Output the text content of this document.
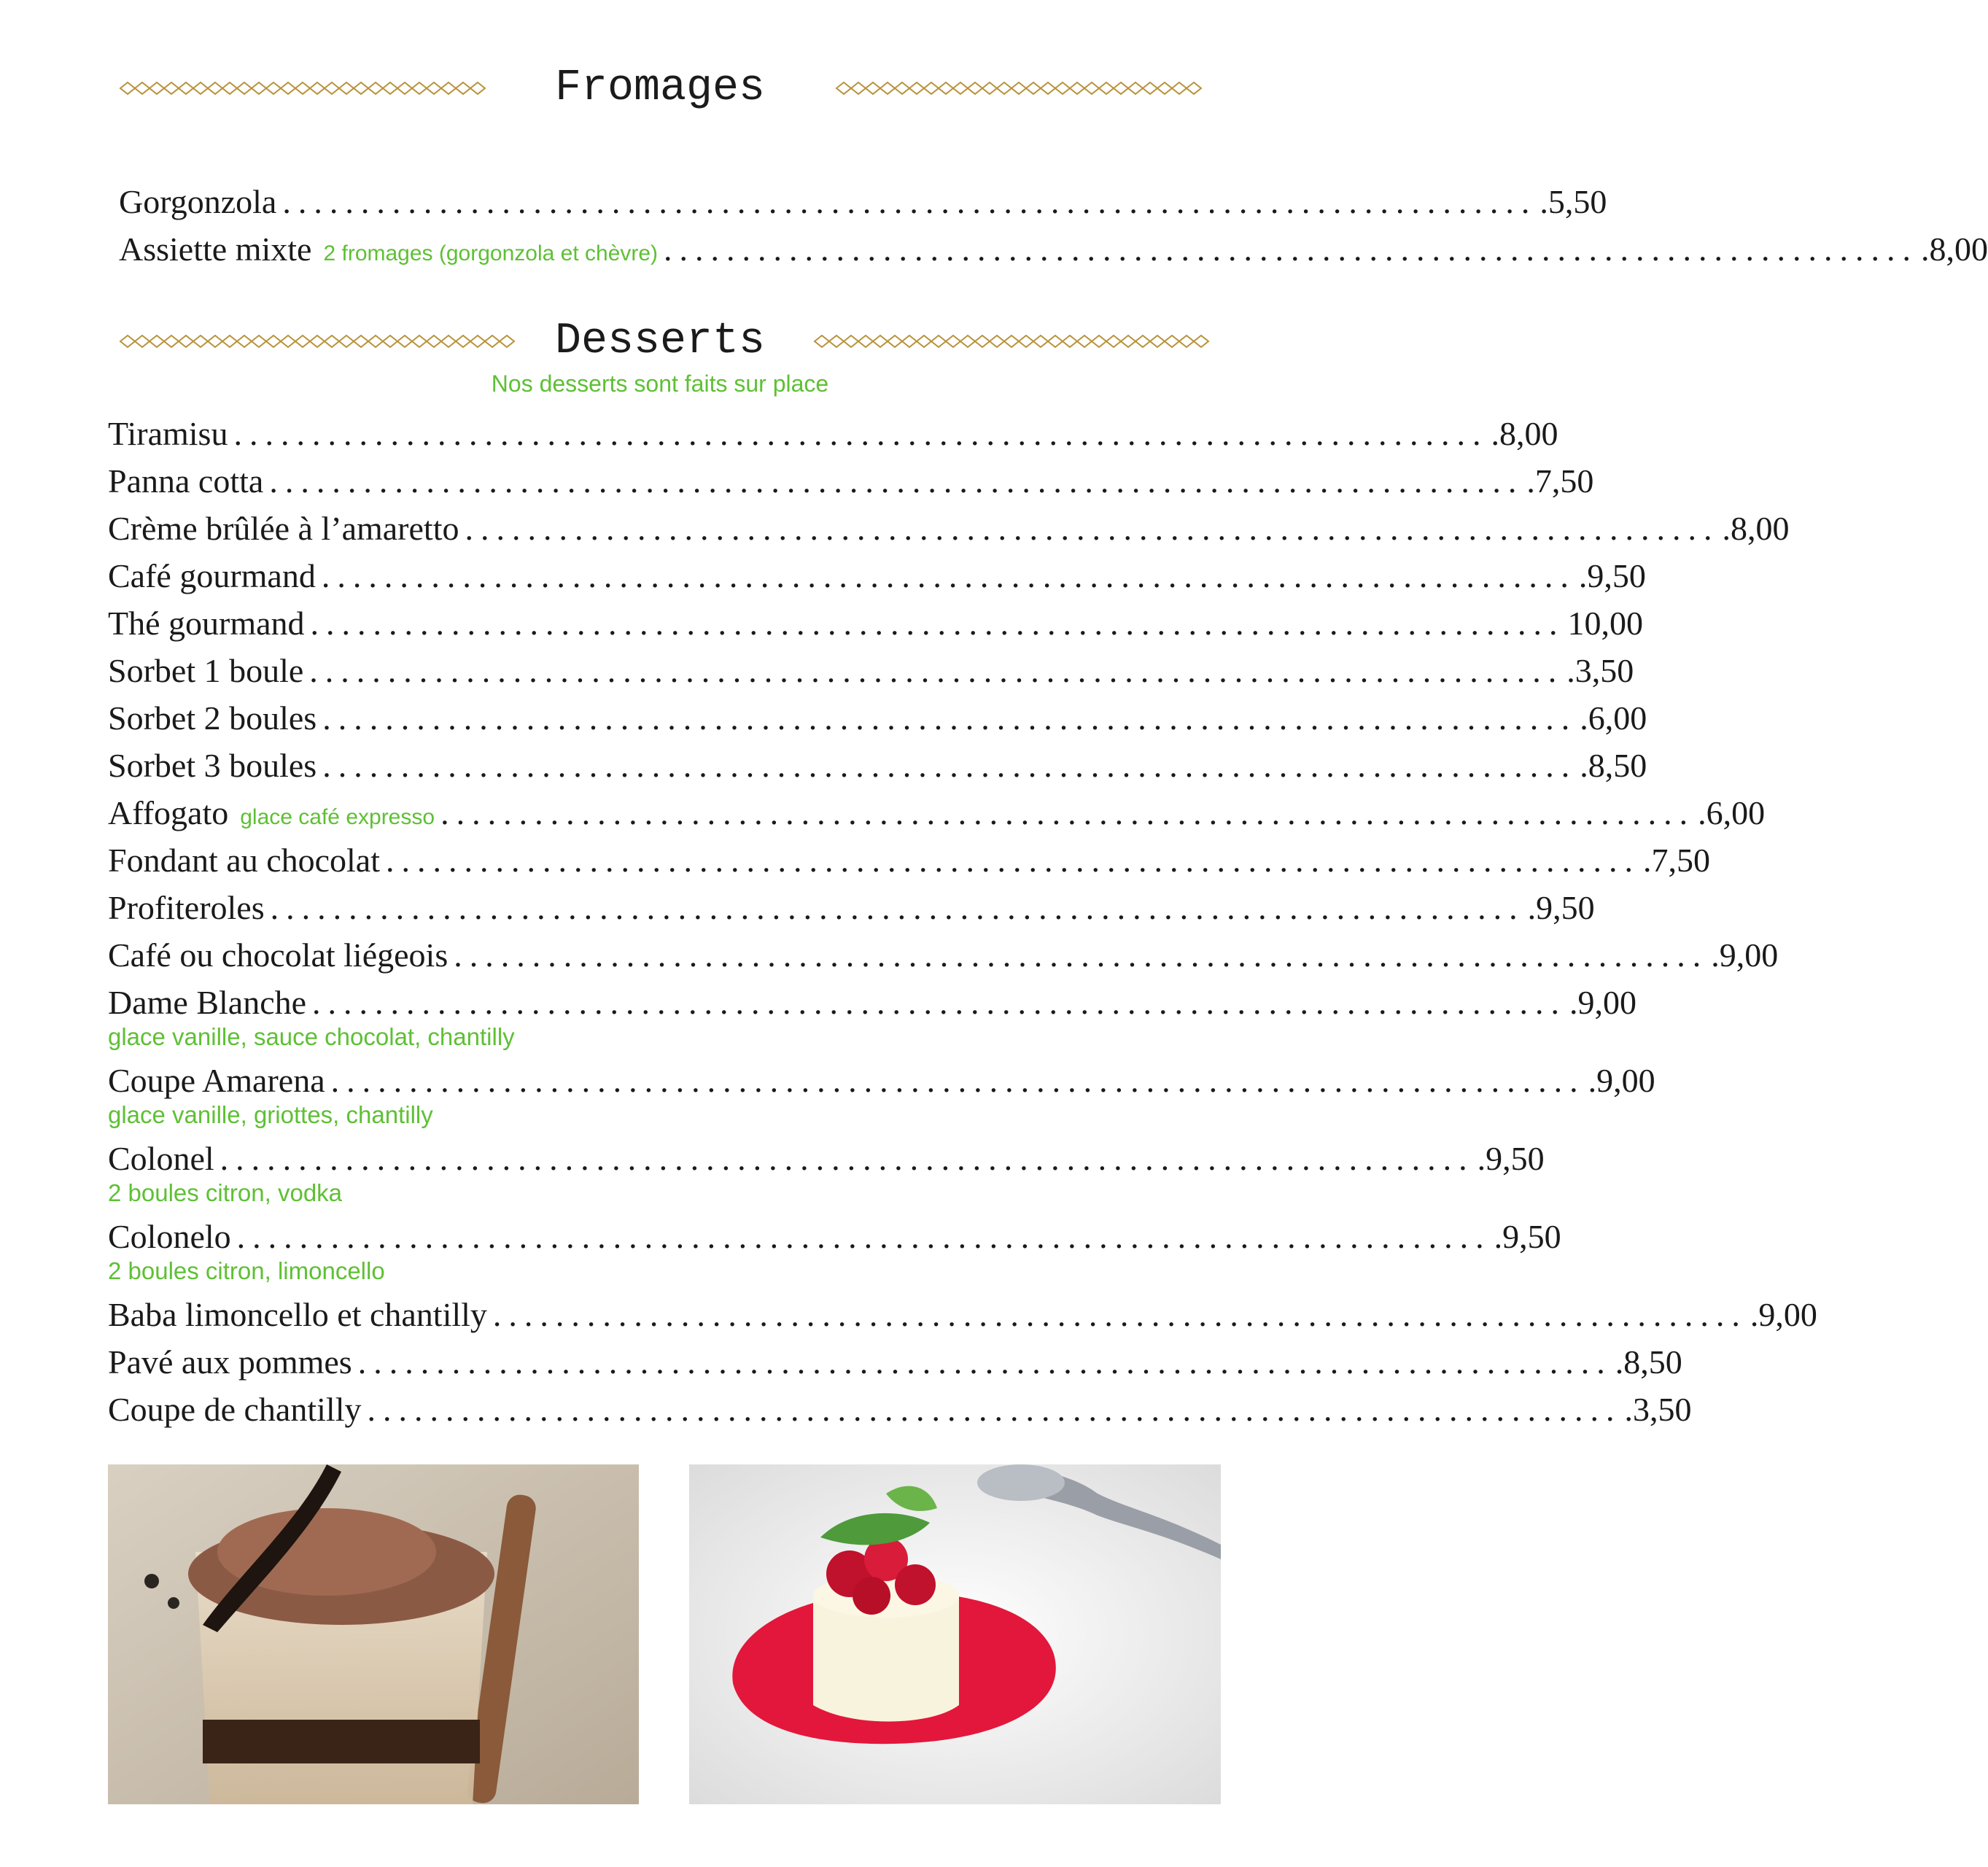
Fromages
Gorgonzola ................................................................................ .5,50
Assiette mixte 2 fromages (gorgonzola et chèvre) ................................................................................ .8,00
Desserts
Nos desserts sont faits sur place
Tiramisu ................................................................................ .8,00
Panna cotta ................................................................................ .7,50
Crème brûlée à l’amaretto ................................................................................ .8,00
Café gourmand ................................................................................ .9,50
Thé gourmand ................................................................................ 10,00
Sorbet 1 boule ................................................................................ .3,50
Sorbet 2 boules ................................................................................ .6,00
Sorbet 3 boules ................................................................................ .8,50
Affogato glace café expresso ................................................................................ .6,00
Fondant au chocolat ................................................................................ .7,50
Profiteroles ................................................................................ .9,50
Café ou chocolat liégeois ................................................................................ .9,00
Dame Blanche ................................................................................ .9,00
glace vanille, sauce chocolat, chantilly
Coupe Amarena ................................................................................ .9,00
glace vanille, griottes, chantilly
Colonel ................................................................................ .9,50
2 boules citron, vodka
Colonelo ................................................................................ .9,50
2 boules citron, limoncello
Baba limoncello et chantilly ................................................................................ .9,00
Pavé aux pommes ................................................................................ .8,50
Coupe de chantilly ................................................................................ .3,50
